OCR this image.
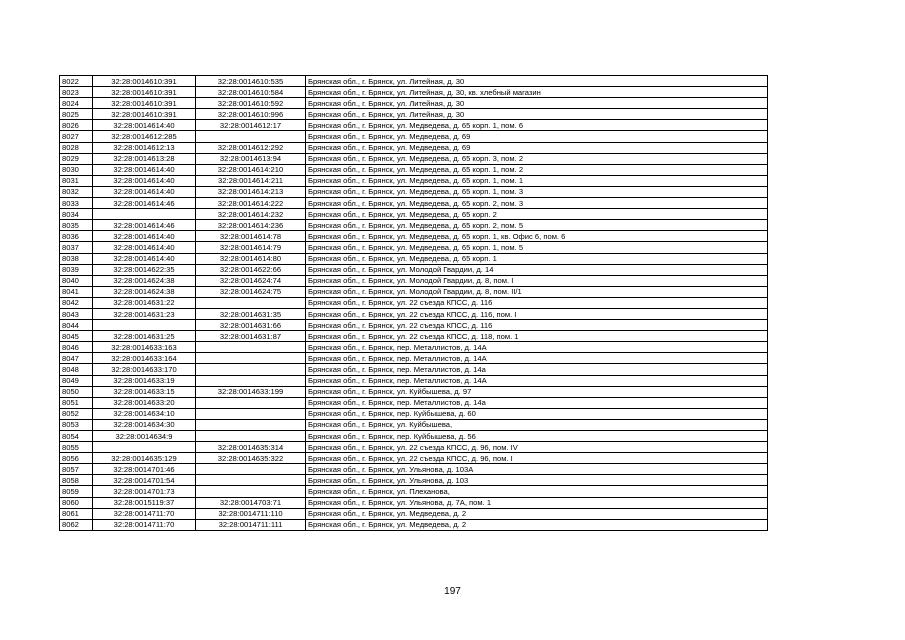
8022	32:28:0014610:391	32:28:0014610:535	Брянская обл., г. Брянск, ул. Литейная, д. 30
8023	32:28:0014610:391	32:28:0014610:584	Брянская обл., г. Брянск, ул. Литейная, д. 30, кв. хлебный магазин
8024	32:28:0014610:391	32:28:0014610:592	Брянская обл., г. Брянск, ул. Литейная, д. 30
8025	32:28:0014610:391	32:28:0014610:996	Брянская обл., г. Брянск, ул. Литейная, д. 30
8026	32:28:0014614:40	32:28:0014612:17	Брянская обл., г. Брянск, ул. Медведева, д. 65 корп. 1, пом. 6
8027	32:28:0014612:285		Брянская обл., г. Брянск, ул. Медведева, д. 69
8028	32:28:0014612:13	32:28:0014612:292	Брянская обл., г. Брянск, ул. Медведева, д. 69
8029	32:28:0014613:28	32:28:0014613:94	Брянская обл., г. Брянск, ул. Медведева, д. 65 корп. 3, пом. 2
8030	32:28:0014614:40	32:28:0014614:210	Брянская обл., г. Брянск, ул. Медведева, д. 65 корп. 1, пом. 2
8031	32:28:0014614:40	32:28:0014614:211	Брянская обл., г. Брянск, ул. Медведева, д. 65 корп. 1, пом. 1
8032	32:28:0014614:40	32:28:0014614:213	Брянская обл., г. Брянск, ул. Медведева, д. 65 корп. 1, пом. 3
8033	32:28:0014614:46	32:28:0014614:222	Брянская обл., г. Брянск, ул. Медведева, д. 65 корп. 2, пом. 3
8034		32:28:0014614:232	Брянская обл., г. Брянск, ул. Медведева, д. 65 корп. 2
8035	32:28:0014614:46	32:28:0014614:236	Брянская обл., г. Брянск, ул. Медведева, д. 65 корп. 2, пом. 5
8036	32:28:0014614:40	32:28:0014614:78	Брянская обл., г. Брянск, ул. Медведева, д. 65 корп. 1, кв. Офис 6, пом. 6
8037	32:28:0014614:40	32:28:0014614:79	Брянская обл., г. Брянск, ул. Медведева, д. 65 корп. 1, пом. 5
8038	32:28:0014614:40	32:28:0014614:80	Брянская обл., г. Брянск, ул. Медведева, д. 65 корп. 1
8039	32:28:0014622:35	32:28:0014622:66	Брянская обл., г. Брянск, ул. Молодой Гвардии, д. 14
8040	32:28:0014624:38	32:28:0014624:74	Брянская обл., г. Брянск, ул. Молодой Гвардии, д. 8, пом. I
8041	32:28:0014624:38	32:28:0014624:75	Брянская обл., г. Брянск, ул. Молодой Гвардии, д. 8, пом. II/1
8042	32:28:0014631:22		Брянская обл., г. Брянск, ул. 22 съезда КПСС, д. 116
8043	32:28:0014631:23	32:28:0014631:35	Брянская обл., г. Брянск, ул. 22 съезда КПСС, д. 116, пом. I
8044		32:28:0014631:66	Брянская обл., г. Брянск, ул. 22 съезда КПСС, д. 116
8045	32:28:0014631:25	32:28:0014631:87	Брянская обл., г. Брянск, ул. 22 съезда КПСС, д. 118, пом. 1
8046	32:28:0014633:163		Брянская обл., г. Брянск, пер. Металлистов, д. 14А
8047	32:28:0014633:164		Брянская обл., г. Брянск, пер. Металлистов, д. 14А
8048	32:28:0014633:170		Брянская обл., г. Брянск, пер. Металлистов, д. 14а
8049	32:28:0014633:19		Брянская обл., г. Брянск, пер. Металлистов, д. 14А
8050	32:28:0014633:15	32:28:0014633:199	Брянская обл., г. Брянск, ул. Куйбышева, д. 97
8051	32:28:0014633:20		Брянская обл., г. Брянск, пер. Металлистов, д. 14а
8052	32:28:0014634:10		Брянская обл., г. Брянск, пер. Куйбышева, д. 60
8053	32:28:0014634:30		Брянская обл., г. Брянск, ул. Куйбышева,
8054	32:28:0014634:9		Брянская обл., г. Брянск, пер. Куйбышева, д. 56
8055		32:28:0014635:314	Брянская обл., г. Брянск, ул. 22 съезда КПСС, д. 96, пом. IV
8056	32:28:0014635:129	32:28:0014635:322	Брянская обл., г. Брянск, ул. 22 съезда КПСС, д. 96, пом. I
8057	32:28:0014701:46		Брянская обл., г. Брянск, ул. Ульянова, д. 103А
8058	32:28:0014701:54		Брянская обл., г. Брянск, ул. Ульянова, д. 103
8059	32:28:0014701:73		Брянская обл., г. Брянск, ул. Плеханова,
8060	32:28:0015119:37	32:28:0014703:71	Брянская обл., г. Брянск, ул. Ульянова, д. 7А, пом. 1
8061	32:28:0014711:70	32:28:0014711:110	Брянская обл., г. Брянск, ул. Медведева, д. 2
8062	32:28:0014711:70	32:28:0014711:111	Брянская обл., г. Брянск, ул. Медведева, д. 2
197
